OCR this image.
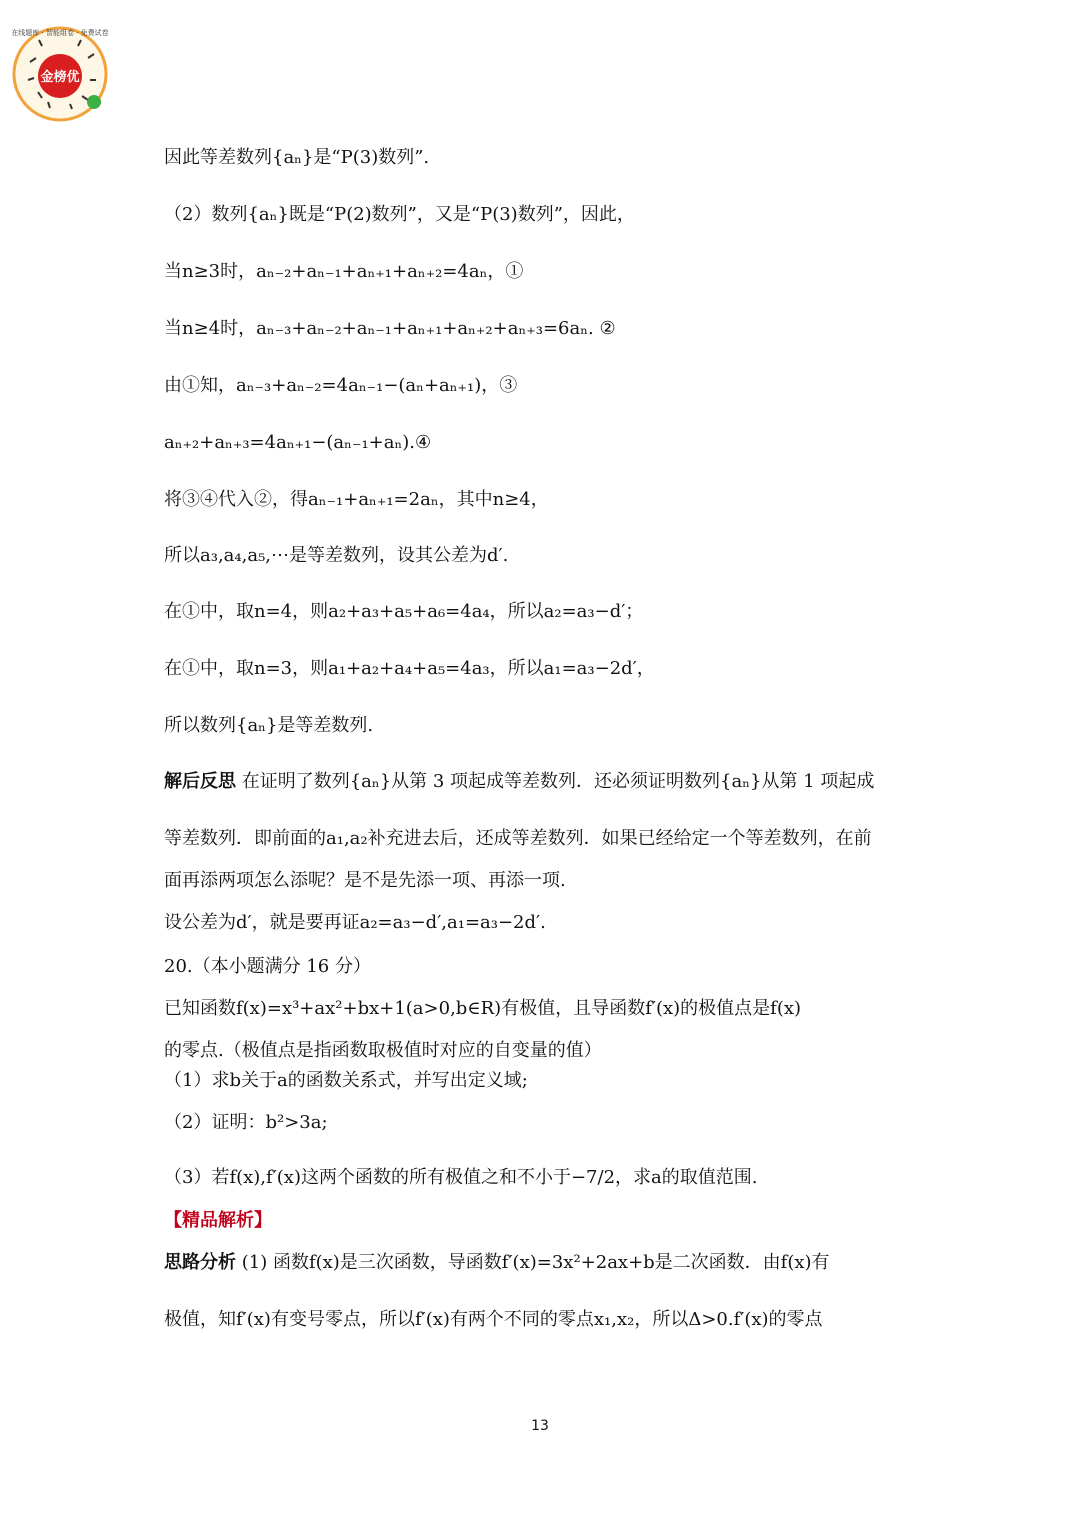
金榜优
在线题库 · 智能组卷 · 免费试卷
因此等差数列{aₙ}是“P(3)数列”.
（2）数列{aₙ}既是“P(2)数列”，又是“P(3)数列”，因此，
当n≥3时，aₙ₋₂+aₙ₋₁+aₙ₊₁+aₙ₊₂=4aₙ，①
当n≥4时，aₙ₋₃+aₙ₋₂+aₙ₋₁+aₙ₊₁+aₙ₊₂+aₙ₊₃=6aₙ. ②
由①知，aₙ₋₃+aₙ₋₂=4aₙ₋₁−(aₙ+aₙ₊₁)，③
aₙ₊₂+aₙ₊₃=4aₙ₊₁−(aₙ₋₁+aₙ).④
将③④代入②，得aₙ₋₁+aₙ₊₁=2aₙ，其中n≥4，
所以a₃,a₄,a₅,⋯是等差数列，设其公差为d′.
在①中，取n=4，则a₂+a₃+a₅+a₆=4a₄，所以a₂=a₃−d′；
在①中，取n=3，则a₁+a₂+a₄+a₅=4a₃，所以a₁=a₃−2d′，
所以数列{aₙ}是等差数列.
解后反思 在证明了数列{aₙ}从第 3 项起成等差数列．还必须证明数列{aₙ}从第 1 项起成
等差数列．即前面的a₁,a₂补充进去后，还成等差数列．如果已经给定一个等差数列，在前
面再添两项怎么添呢？是不是先添一项、再添一项.
设公差为d′，就是要再证a₂=a₃−d′,a₁=a₃−2d′.
20.（本小题满分 16 分）
已知函数f(x)=x³+ax²+bx+1(a>0,b∈R)有极值，且导函数f′(x)的极值点是f(x)
的零点.（极值点是指函数取极值时对应的自变量的值）
（1）求b关于a的函数关系式，并写出定义域;
（2）证明：b²>3a;
（3）若f(x),f′(x)这两个函数的所有极值之和不小于−7/2，求a的取值范围.
【精品解析】
思路分析 (1) 函数f(x)是三次函数，导函数f′(x)=3x²+2ax+b是二次函数．由f(x)有
极值，知f′(x)有变号零点，所以f′(x)有两个不同的零点x₁,x₂，所以Δ>0.f′(x)的零点
13
